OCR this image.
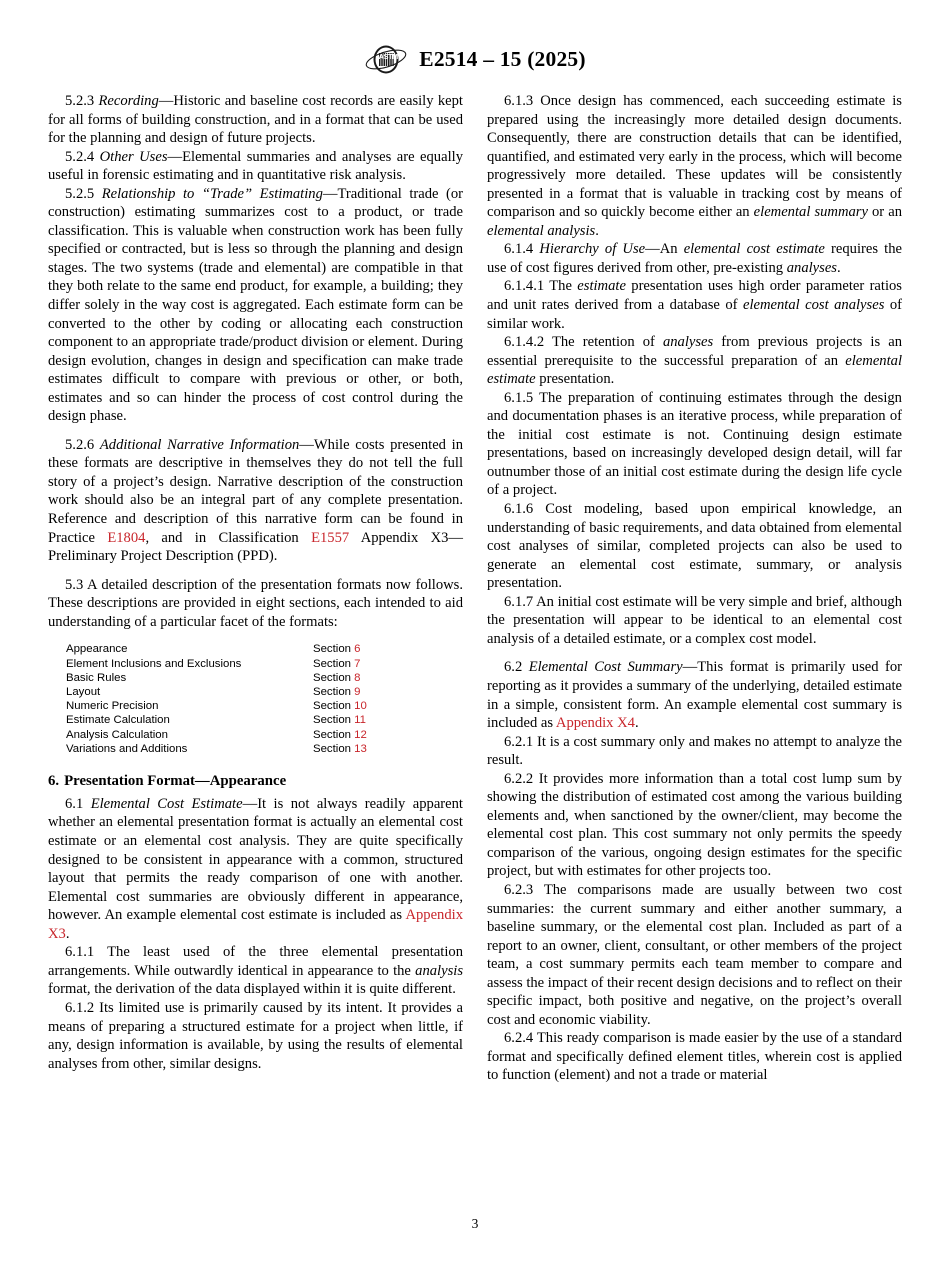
A S T M E2514 – 15 (2025)

5.2.3 Recording—Historic and baseline cost records are easily kept for all forms of building construction, and in a format that can be used for the planning and design of future projects.

5.2.4 Other Uses—Elemental summaries and analyses are equally useful in forensic estimating and in quantitative risk analysis.

5.2.5 Relationship to “Trade” Estimating—Traditional trade (or construction) estimating summarizes cost to a product, or trade classification. This is valuable when construction work has been fully specified or contracted, but is less so through the planning and design stages. The two systems (trade and elemental) are compatible in that they both relate to the same end product, for example, a building; they differ solely in the way cost is aggregated. Each estimate form can be converted to the other by coding or allocating each construction component to an appropriate trade/product division or element. During design evolution, changes in design and specification can make trade estimates difficult to compare with previous or other, or both, estimates and so can hinder the process of cost control during the design phase.

5.2.6 Additional Narrative Information—While costs presented in these formats are descriptive in themselves they do not tell the full story of a project’s design. Narrative description of the construction work should also be an integral part of any complete presentation. Reference and description of this narrative form can be found in Practice E1804, and in Classification E1557 Appendix X3—Preliminary Project Description (PPD).

5.3 A detailed description of the presentation formats now follows. These descriptions are provided in eight sections, each intended to aid understanding of a particular facet of the formats:

Appearance	Section 6
Element Inclusions and Exclusions	Section 7
Basic Rules	Section 8
Layout	Section 9
Numeric Precision	Section 10
Estimate Calculation	Section 11
Analysis Calculation	Section 12
Variations and Additions	Section 13
6. Presentation Format—Appearance

6.1 Elemental Cost Estimate—It is not always readily apparent whether an elemental presentation format is actually an elemental cost estimate or an elemental cost analysis. They are quite specifically designed to be consistent in appearance with a common, structured layout that permits the ready comparison of one with another. Elemental cost summaries are obviously different in appearance, however. An example elemental cost estimate is included as Appendix X3.

6.1.1 The least used of the three elemental presentation arrangements. While outwardly identical in appearance to the analysis format, the derivation of the data displayed within it is quite different.

6.1.2 Its limited use is primarily caused by its intent. It provides a means of preparing a structured estimate for a project when little, if any, design information is available, by using the results of elemental analyses from other, similar designs.

6.1.3 Once design has commenced, each succeeding estimate is prepared using the increasingly more detailed design documents. Consequently, there are construction details that can be identified, quantified, and estimated very early in the process, which will become progressively more detailed. These updates will be consistently presented in a format that is valuable in tracking cost by means of comparison and so quickly become either an elemental summary or an elemental analysis.

6.1.4 Hierarchy of Use—An elemental cost estimate requires the use of cost figures derived from other, pre-existing analyses.

6.1.4.1 The estimate presentation uses high order parameter ratios and unit rates derived from a database of elemental cost analyses of similar work.

6.1.4.2 The retention of analyses from previous projects is an essential prerequisite to the successful preparation of an elemental estimate presentation.

6.1.5 The preparation of continuing estimates through the design and documentation phases is an iterative process, while preparation of the initial cost estimate is not. Continuing design estimate presentations, based on increasingly developed design detail, will far outnumber those of an initial cost estimate during the design life cycle of a project.

6.1.6 Cost modeling, based upon empirical knowledge, an understanding of basic requirements, and data obtained from elemental cost analyses of similar, completed projects can also be used to generate an elemental cost estimate, summary, or analysis presentation.

6.1.7 An initial cost estimate will be very simple and brief, although the presentation will appear to be identical to an elemental cost analysis of a detailed estimate, or a complex cost model.

6.2 Elemental Cost Summary—This format is primarily used for reporting as it provides a summary of the underlying, detailed estimate in a simple, consistent form. An example elemental cost summary is included as Appendix X4.

6.2.1 It is a cost summary only and makes no attempt to analyze the result.

6.2.2 It provides more information than a total cost lump sum by showing the distribution of estimated cost among the various building elements and, when sanctioned by the owner/client, may become the elemental cost plan. This cost summary not only permits the speedy comparison of the various, ongoing design estimates for the specific project, but with estimates for other projects too.

6.2.3 The comparisons made are usually between two cost summaries: the current summary and either another summary, a baseline summary, or the elemental cost plan. Included as part of a report to an owner, client, consultant, or other members of the project team, a cost summary permits each team member to compare and assess the impact of their recent design decisions and to reflect on their specific impact, both positive and negative, on the project’s overall cost and economic viability.

6.2.4 This ready comparison is made easier by the use of a standard format and specifically defined element titles, wherein cost is applied to function (element) and not a trade or material

3
